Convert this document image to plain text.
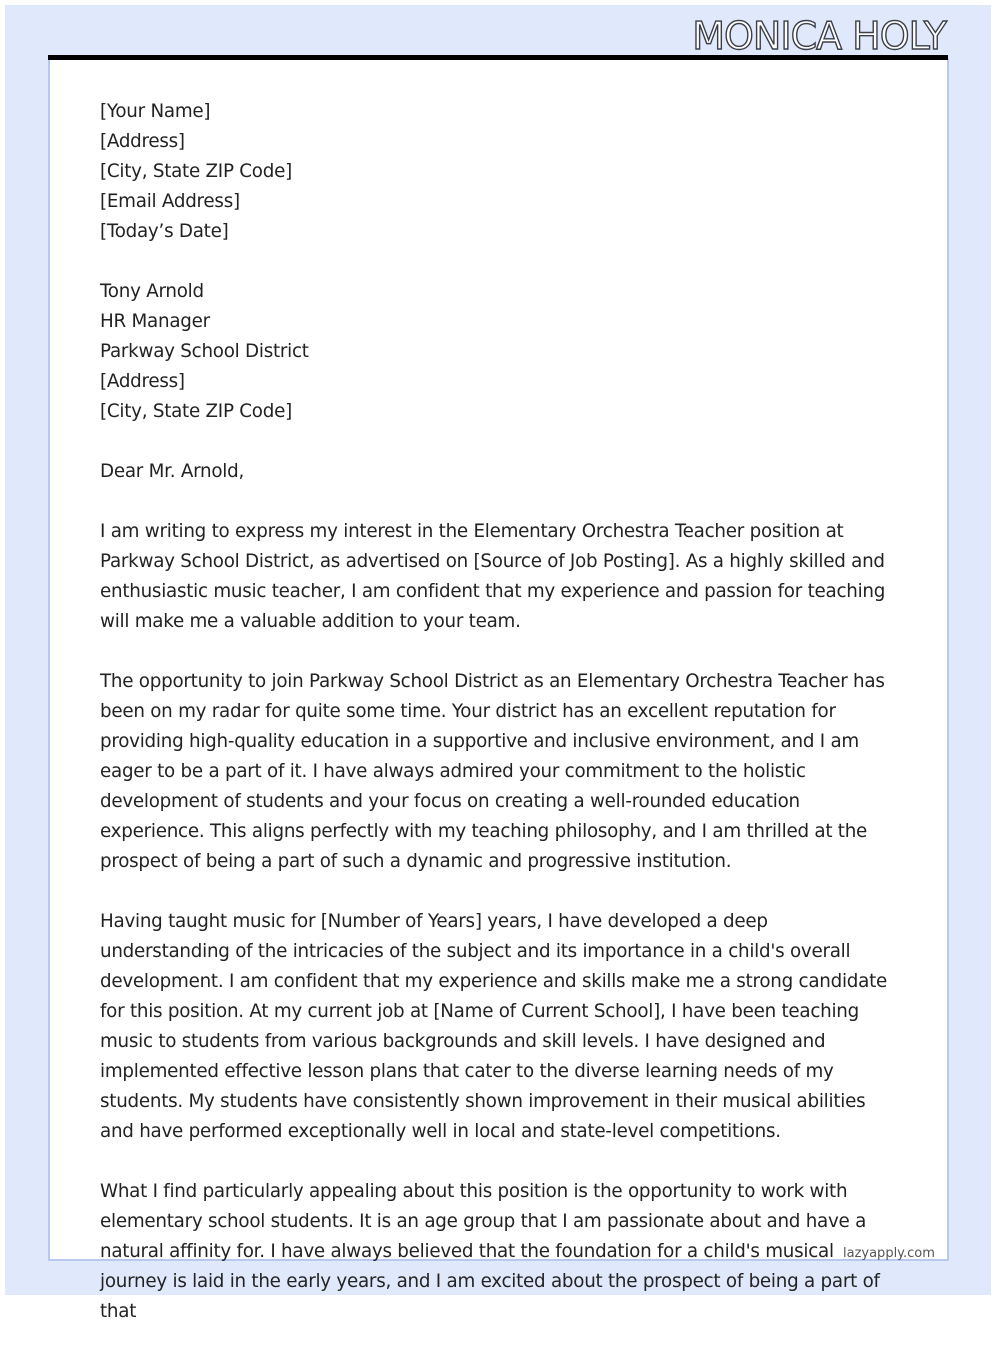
MONICA HOLY

[Your Name]

[Address]

[City, State ZIP Code]

[Email Address]

[Today’s Date]

Tony Arnold

HR Manager

Parkway School District

[Address]

[City, State ZIP Code]

Dear Mr. Arnold,

I am writing to express my interest in the Elementary Orchestra Teacher position at Parkway School District, as advertised on [Source of Job Posting]. As a highly skilled and enthusiastic music teacher, I am confident that my experience and passion for teaching will make me a valuable addition to your team.

The opportunity to join Parkway School District as an Elementary Orchestra Teacher has been on my radar for quite some time. Your district has an excellent reputation for providing high-quality education in a supportive and inclusive environment, and I am eager to be a part of it. I have always admired your commitment to the holistic development of students and your focus on creating a well-rounded education experience. This aligns perfectly with my teaching philosophy, and I am thrilled at the prospect of being a part of such a dynamic and progressive institution.

Having taught music for [Number of Years] years, I have developed a deep understanding of the intricacies of the subject and its importance in a child's overall development. I am confident that my experience and skills make me a strong candidate for this position. At my current job at [Name of Current School], I have been teaching music to students from various backgrounds and skill levels. I have designed and implemented effective lesson plans that cater to the diverse learning needs of my students. My students have consistently shown improvement in their musical abilities and have performed exceptionally well in local and state-level competitions.

What I find particularly appealing about this position is the opportunity to work with elementary school students. It is an age group that I am passionate about and have a natural affinity for. I have always believed that the foundation for a child's musical journey is laid in the early years, and I am excited about the prospect of being a part of that

lazyapply.com
